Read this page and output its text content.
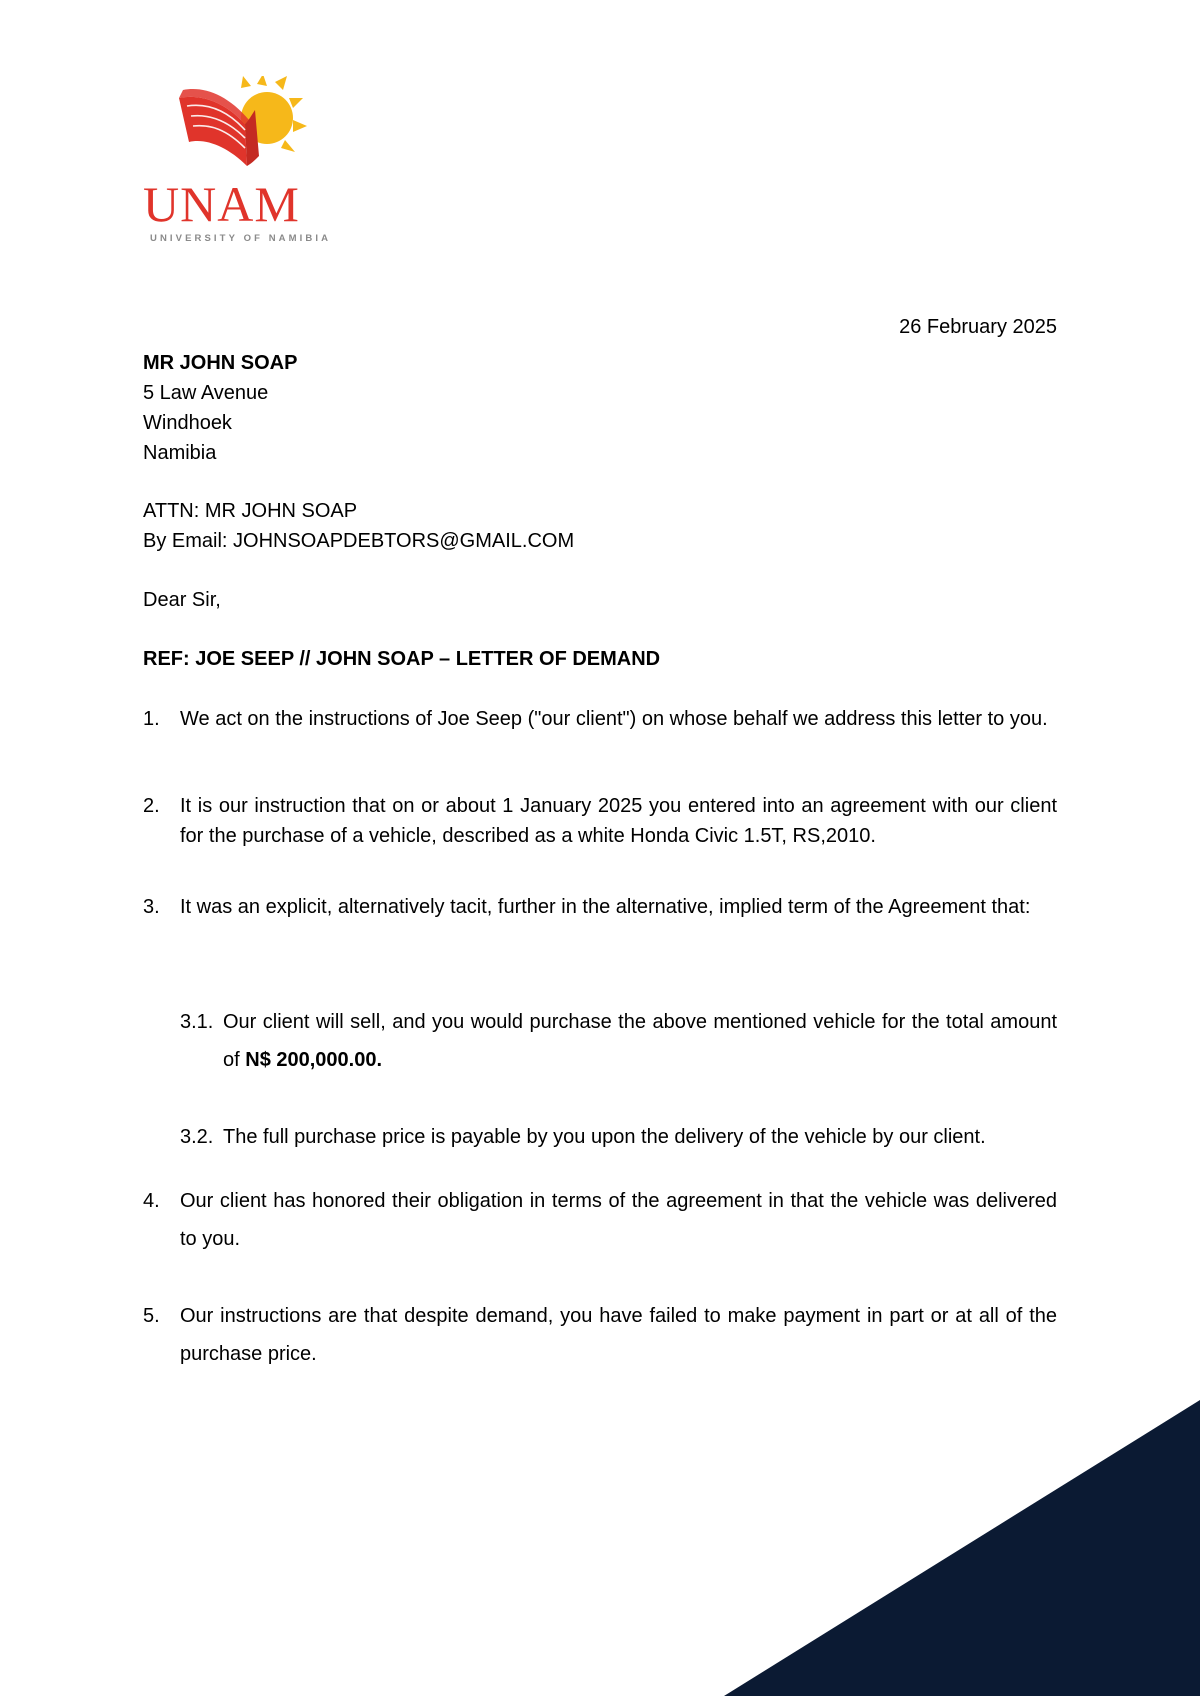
UNAM
UNIVERSITY OF NAMIBIA
26 February 2025
MR JOHN SOAP
5 Law Avenue
Windhoek
Namibia
ATTN: MR JOHN SOAP
By Email: JOHNSOAPDEBTORS@GMAIL.COM
Dear Sir,
REF: JOE SEEP // JOHN SOAP – LETTER OF DEMAND
1. We act on the instructions of Joe Seep ("our client") on whose behalf we address this letter to you.
2. It is our instruction that on or about 1 January 2025 you entered into an agreement with our client for the purchase of a vehicle, described as a white Honda Civic 1.5T, RS,2010.
3. It was an explicit, alternatively tacit, further in the alternative, implied term of the Agreement that:
3.1. Our client will sell, and you would purchase the above mentioned vehicle for the total amount of N$ 200,000.00.
3.2. The full purchase price is payable by you upon the delivery of the vehicle by our client.
4. Our client has honored their obligation in terms of the agreement in that the vehicle was delivered to you.
5. Our instructions are that despite demand, you have failed to make payment in part or at all of the purchase price.
